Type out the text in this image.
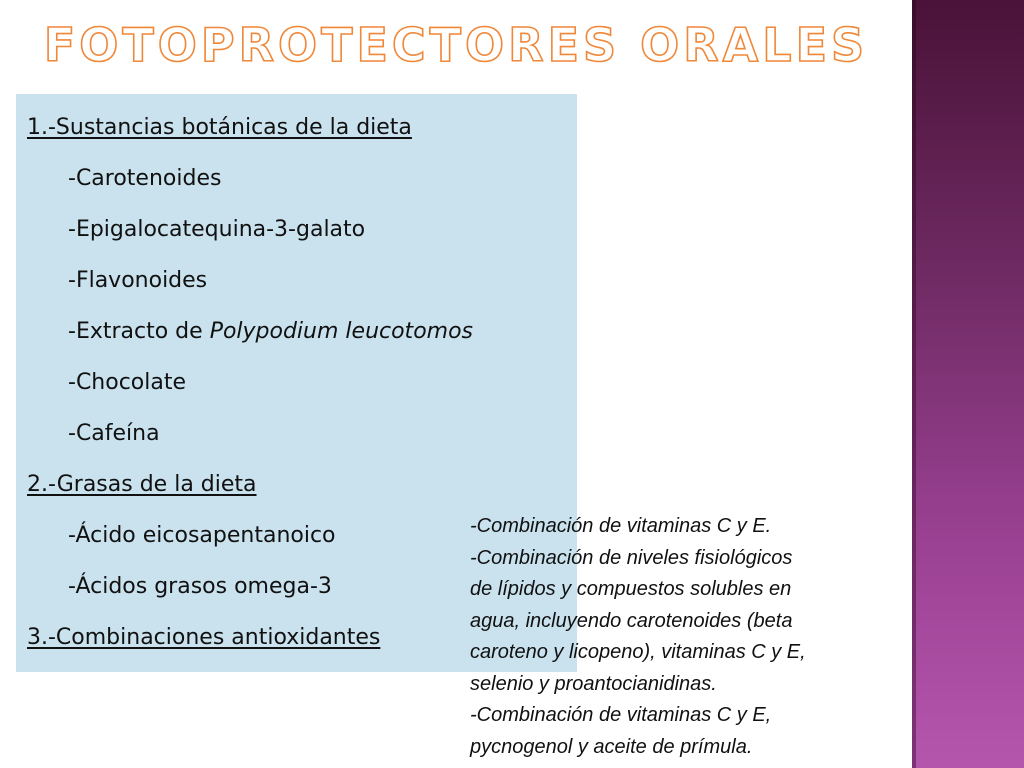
FOTOPROTECTORES ORALES
1.-Sustancias botánicas de la dieta
-Carotenoides
-Epigalocatequina-3-galato
-Flavonoides
-Extracto de Polypodium leucotomos
-Chocolate
-Cafeína
2.-Grasas de la dieta
-Ácido eicosapentanoico
-Ácidos grasos omega-3
3.-Combinaciones antioxidantes
-Combinación de vitaminas C y E.
-Combinación de niveles fisiológicos
de lípidos y compuestos solubles en
agua, incluyendo carotenoides (beta
caroteno y licopeno), vitaminas C y E,
selenio y proantocianidinas.
-Combinación de vitaminas C y E,
pycnogenol y aceite de prímula.
